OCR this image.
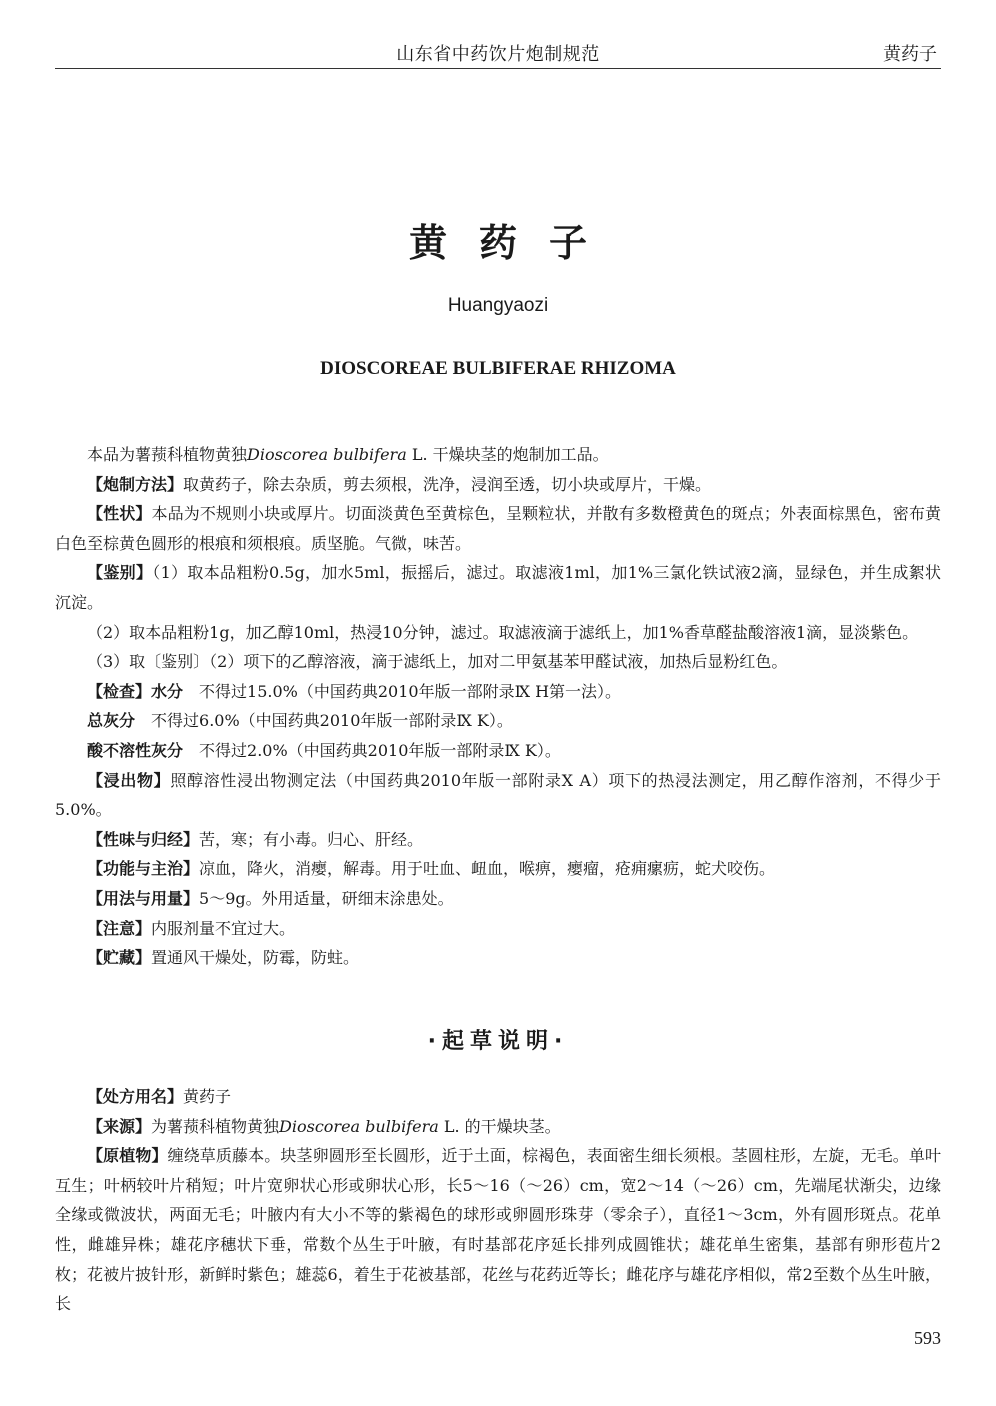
山东省中药饮片炮制规范	黄药子
黄药子
Huangyaozi
DIOSCOREAE BULBIFERAE RHIZOMA

本品为薯蓣科植物黄独Dioscorea bulbifera L. 干燥块茎的炮制加工品。

【炮制方法】取黄药子，除去杂质，剪去须根，洗净，浸润至透，切小块或厚片，干燥。

【性状】本品为不规则小块或厚片。切面淡黄色至黄棕色，呈颗粒状，并散有多数橙黄色的斑点；外表面棕黑色，密布黄白色至棕黄色圆形的根痕和须根痕。质坚脆。气微，味苦。

【鉴别】（1）取本品粗粉0.5g，加水5ml，振摇后，滤过。取滤液1ml，加1%三氯化铁试液2滴，显绿色，并生成絮状沉淀。

（2）取本品粗粉1g，加乙醇10ml，热浸10分钟，滤过。取滤液滴于滤纸上，加1%香草醛盐酸溶液1滴，显淡紫色。

（3）取〔鉴别〕（2）项下的乙醇溶液，滴于滤纸上，加对二甲氨基苯甲醛试液，加热后显粉红色。

【检查】水分　不得过15.0%（中国药典2010年版一部附录Ⅸ H第一法）。

总灰分　不得过6.0%（中国药典2010年版一部附录Ⅸ K）。

酸不溶性灰分　不得过2.0%（中国药典2010年版一部附录Ⅸ K）。

【浸出物】照醇溶性浸出物测定法（中国药典2010年版一部附录Ⅹ A）项下的热浸法测定，用乙醇作溶剂，不得少于5.0%。

【性味与归经】苦，寒；有小毒。归心、肝经。

【功能与主治】凉血，降火，消瘿，解毒。用于吐血、衄血，喉痹，瘿瘤，疮痈瘰疬，蛇犬咬伤。

【用法与用量】5～9g。外用适量，研细末涂患处。

【注意】内服剂量不宜过大。

【贮藏】置通风干燥处，防霉，防蛀。

·起草说明·

【处方用名】黄药子

【来源】为薯蓣科植物黄独Dioscorea bulbifera L. 的干燥块茎。

【原植物】缠绕草质藤本。块茎卵圆形至长圆形，近于土面，棕褐色，表面密生细长须根。茎圆柱形，左旋，无毛。单叶互生；叶柄较叶片稍短；叶片宽卵状心形或卵状心形，长5～16（～26）cm，宽2～14（～26）cm，先端尾状渐尖，边缘全缘或微波状，两面无毛；叶腋内有大小不等的紫褐色的球形或卵圆形珠芽（零余子），直径1～3cm，外有圆形斑点。花单性，雌雄异株；雄花序穗状下垂，常数个丛生于叶腋，有时基部花序延长排列成圆锥状；雄花单生密集，基部有卵形苞片2枚；花被片披针形，新鲜时紫色；雄蕊6，着生于花被基部，花丝与花药近等长；雌花序与雄花序相似，常2至数个丛生叶腋，长

593
